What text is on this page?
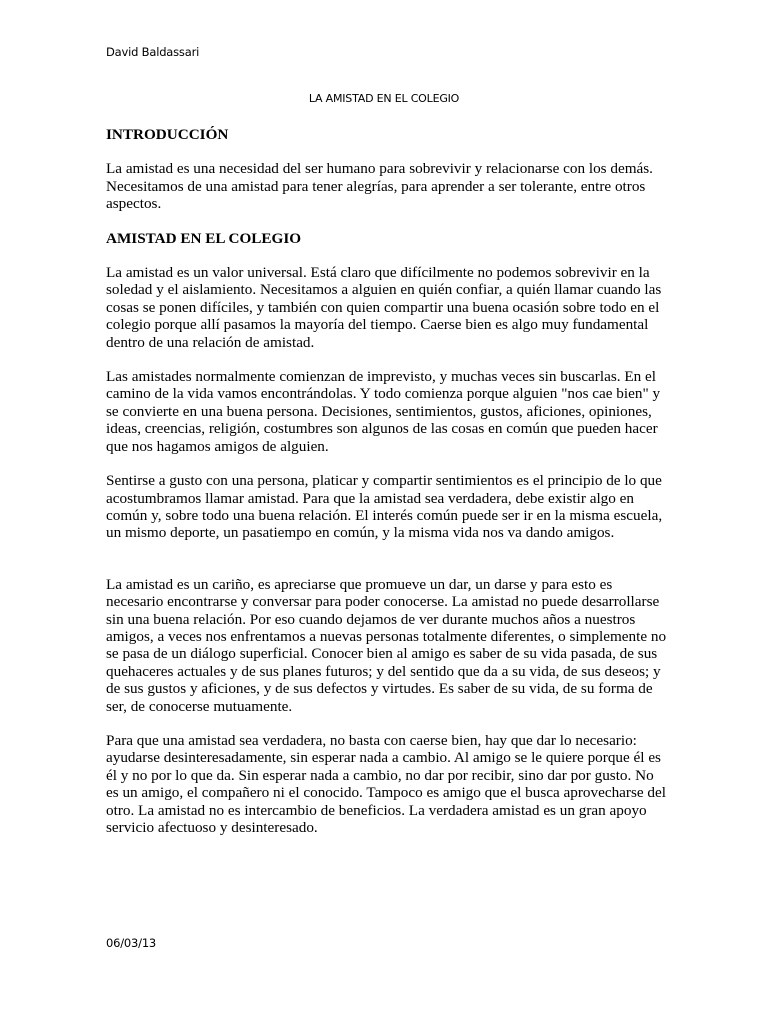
David Baldassari
LA AMISTAD EN EL COLEGIO
INTRODUCCIÓN

La amistad es una necesidad del ser humano para sobrevivir y relacionarse con los demás. Necesitamos de una amistad para tener alegrías, para aprender a ser tolerante, entre otros aspectos.

AMISTAD EN EL COLEGIO

La amistad es un valor universal. Está claro que difícilmente no podemos sobrevivir en la soledad y el aislamiento. Necesitamos a alguien en quién confiar, a quién llamar cuando las cosas se ponen difíciles, y también con quien compartir una buena ocasión sobre todo en el colegio porque allí pasamos la mayoría del tiempo. Caerse bien es algo muy fundamental dentro de una relación de amistad.

Las amistades normalmente comienzan de imprevisto, y muchas veces sin buscarlas. En el camino de la vida vamos encontrándolas. Y todo comienza porque alguien "nos cae bien" y se convierte en una buena persona. Decisiones, sentimientos, gustos, aficiones, opiniones, ideas, creencias, religión, costumbres son algunos de las cosas en común que pueden hacer que nos hagamos amigos de alguien.

Sentirse a gusto con una persona, platicar y compartir sentimientos es el principio de lo que acostumbramos llamar amistad. Para que la amistad sea verdadera, debe existir algo en común y, sobre todo una buena relación. El interés común puede ser ir en la misma escuela, un mismo deporte, un pasatiempo en común, y la misma vida nos va dando amigos.

La amistad es un cariño, es apreciarse que promueve un dar, un darse y para esto es necesario encontrarse y conversar para poder conocerse. La amistad no puede desarrollarse sin una buena relación. Por eso cuando dejamos de ver durante muchos años a nuestros amigos, a veces nos enfrentamos a nuevas personas totalmente diferentes, o simplemente no se pasa de un diálogo superficial. Conocer bien al amigo es saber de su vida pasada, de sus quehaceres actuales y de sus planes futuros; y del sentido que da a su vida, de sus deseos; y de sus gustos y aficiones, y de sus defectos y virtudes. Es saber de su vida, de su forma de ser, de conocerse mutuamente.

Para que una amistad sea verdadera, no basta con caerse bien, hay que dar lo necesario: ayudarse desinteresadamente, sin esperar nada a cambio. Al amigo se le quiere porque él es él y no por lo que da. Sin esperar nada a cambio, no dar por recibir, sino dar por gusto. No es un amigo, el compañero ni el conocido. Tampoco es amigo que el busca aprovecharse del otro. La amistad no es intercambio de beneficios. La verdadera amistad es un gran apoyo servicio afectuoso y desinteresado.

06/03/13
